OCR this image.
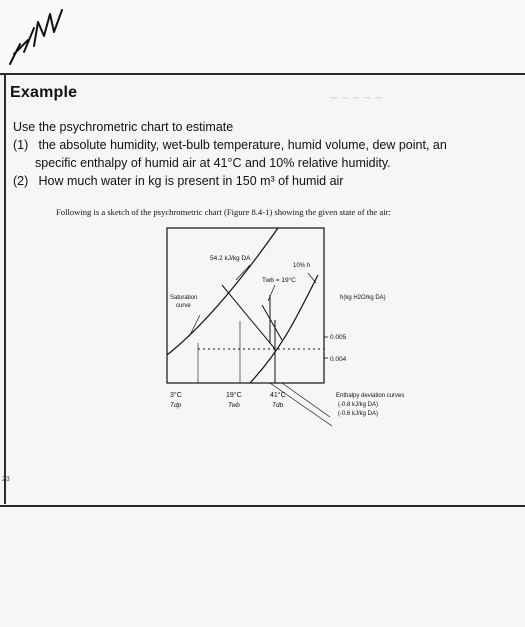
~ ~ ~ ~ ~
Example
Use the psychrometric chart to estimate
(1) the absolute humidity, wet-bulb temperature, humid volume, dew point, an
specific enthalpy of humid air at 41°C and 10% relative humidity.
(2) How much water in kg is present in 150 m³ of humid air
Following is a sketch of the psychrometric chart (Figure 8.4-1) showing the given state of the air:
54.2 kJ/kg DA
10% h
Twb = 19°C
Saturation
curve
h(kg H2O/kg DA)
0.005
0.004
3°C
Tdp
19°C
Twb
41°C
Tdb
Enthalpy deviation curves
(-0.8 kJ/kg DA)
(-0.6 kJ/kg DA)
23
